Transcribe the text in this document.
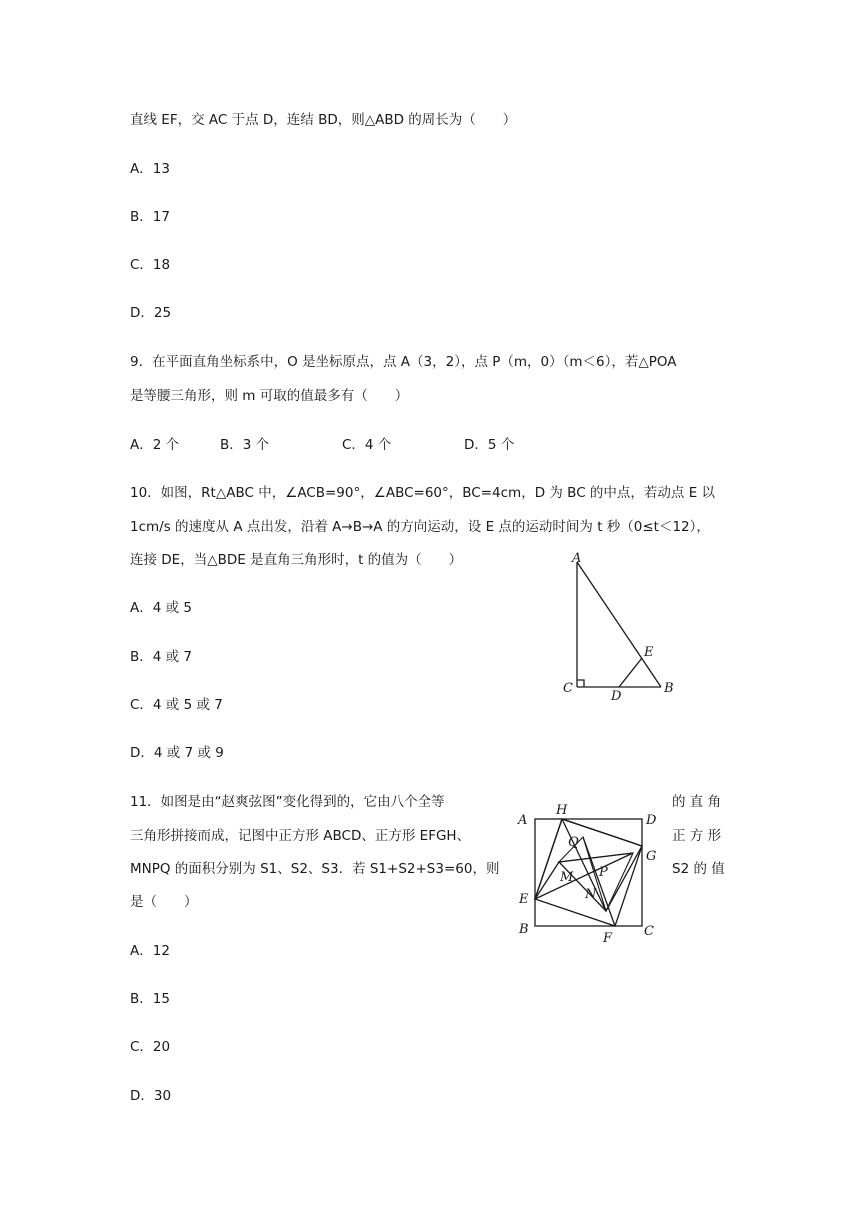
直线 EF，交 AC 于点 D，连结 BD，则△ABD 的周长为（　　）
A．13
B．17
C．18
D．25
9．在平面直角坐标系中，O 是坐标原点，点 A（3，2），点 P（m，0）（m＜6），若△POA
是等腰三角形，则 m 可取的值最多有（　　）
A．2 个	B．3 个	C．4 个	D．5 个
10．如图，Rt△ABC 中，∠ACB=90°，∠ABC=60°，BC=4cm，D 为 BC 的中点，若动点 E 以
1cm/s 的速度从 A 点出发，沿着 A→B→A 的方向运动，设 E 点的运动时间为 t 秒（0≤t＜12），
连接 DE，当△BDE 是直角三角形时，t 的值为（　　）
A．4 或 5
B．4 或 7
C．4 或 5 或 7
D．4 或 7 或 9
A
C
D
B
E
11．如图是由“赵爽弦图”变化得到的，它由八个全等	的 直 角
三角形拼接而成，记图中正方形 ABCD、正方形 EFGH、	正 方 形
MNPQ 的面积分别为 S1、S2、S3．若 S1+S2+S3=60，则	S2 的 值
是（　　）
A．12
B．15
C．20
D．30
A
H
D
G
Q
M P
N
E
B
F C
